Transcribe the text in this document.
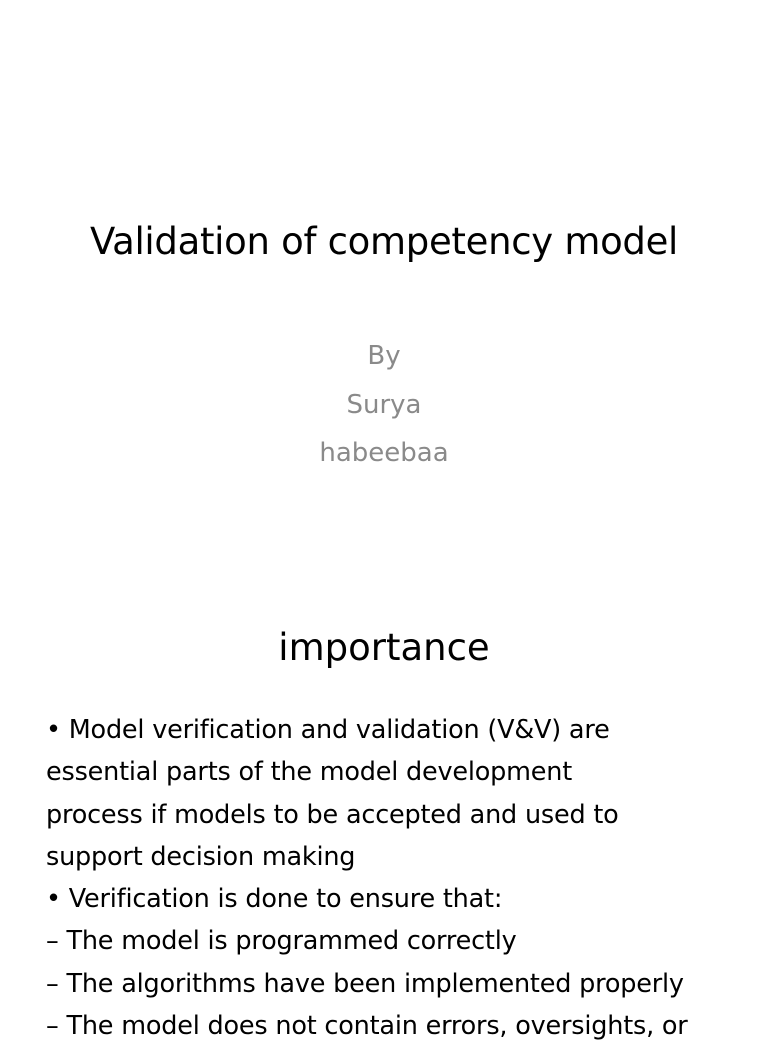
Validation of competency model
By
Surya
habeebaa
importance
• Model verification and validation (V&V) are
essential parts of the model development
process if models to be accepted and used to
support decision making
• Verification is done to ensure that:
– The model is programmed correctly
– The algorithms have been implemented properly
– The model does not contain errors, oversights, or
